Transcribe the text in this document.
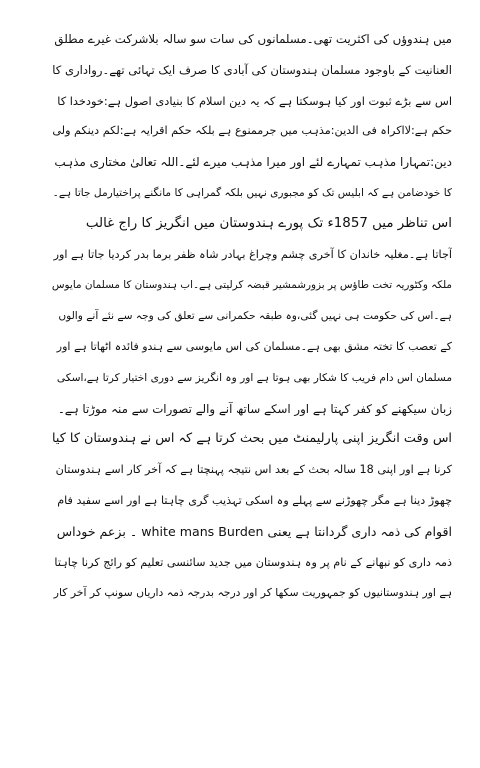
میں ہندوؤں کی اکثریت تھی۔مسلمانوں کی سات سو سالہ بلاشرکت غیرے مطلق
العنانیت کے باوجود مسلمان ہندوستان کی آبادی کا صرف ایک تہائی تھے۔رواداری کا
اس سے بڑے ثبوت اور کیا ہوسکتا ہے کہ یہ دین اسلام کا بنیادی اصول ہے:خودخدا کا
حکم ہے:لااکراہ فی الدین:مذہب میں جرممنوع ہے بلکہ حکم اقرایہ ہے:لکم دینکم ولی
دین:تمہارا مذہب تمہارے لئے اور میرا مذہب میرے لئے۔اللہ تعالیٰ مختاری مذہب
کا خودضامن ہے کہ ابلیس تک کو مجبوری نہیں بلکہ گمراہی کا مانگنے پراختیارمل جاتا ہے۔
اس تناظر میں 1857ء تک پورے ہندوستان میں انگریز کا راج غالب
آجاتا ہے۔مغلیہ خاندان کا آخری چشم وچراغ بہادر شاہ ظفر برما بدر کردیا جاتا ہے اور
ملکہ وکٹوریہ تخت طاؤس پر بزورشمشیر قبضہ کرلیتی ہے۔اب ہندوستان کا مسلمان مایوس
ہے۔اس کی حکومت ہی نہیں گئی،وہ طبقہ حکمرانی سے تعلق کی وجہ سے نئے آنے والوں
کے تعصب کا تختہ مشق بھی ہے۔مسلمان کی اس مایوسی سے ہندو فائدہ اٹھاتا ہے اور
مسلمان اس دام فریب کا شکار بھی ہوتا ہے اور وہ انگریز سے دوری اختیار کرتا ہے،اسکی
زبان سیکھنے کو کفر کہتا ہے اور اسکے ساتھ آنے والے تصورات سے منہ موڑتا ہے۔
اس وقت انگریز اپنی پارلیمنٹ میں بحث کرتا ہے کہ اس نے ہندوستان کا کیا
کرنا ہے اور اپنی 18 سالہ بحث کے بعد اس نتیجہ پہنچتا ہے کہ آخر کار اسے ہندوستان
چھوڑ دینا ہے مگر چھوڑنے سے پہلے وہ اسکی تہذیب گری چاہتا ہے اور اسے سفید فام
اقوام کی ذمہ داری گردانتا ہے یعنی white mans Burden ۔ بزعم خوداس
ذمہ داری کو نبھانے کے نام پر وہ ہندوستان میں جدید سائنسی تعلیم کو رائج کرنا چاہتا
ہے اور ہندوستانیوں کو جمہوریت سکھا کر اور درجہ بدرجہ ذمہ داریاں سونپ کر آخر کار
